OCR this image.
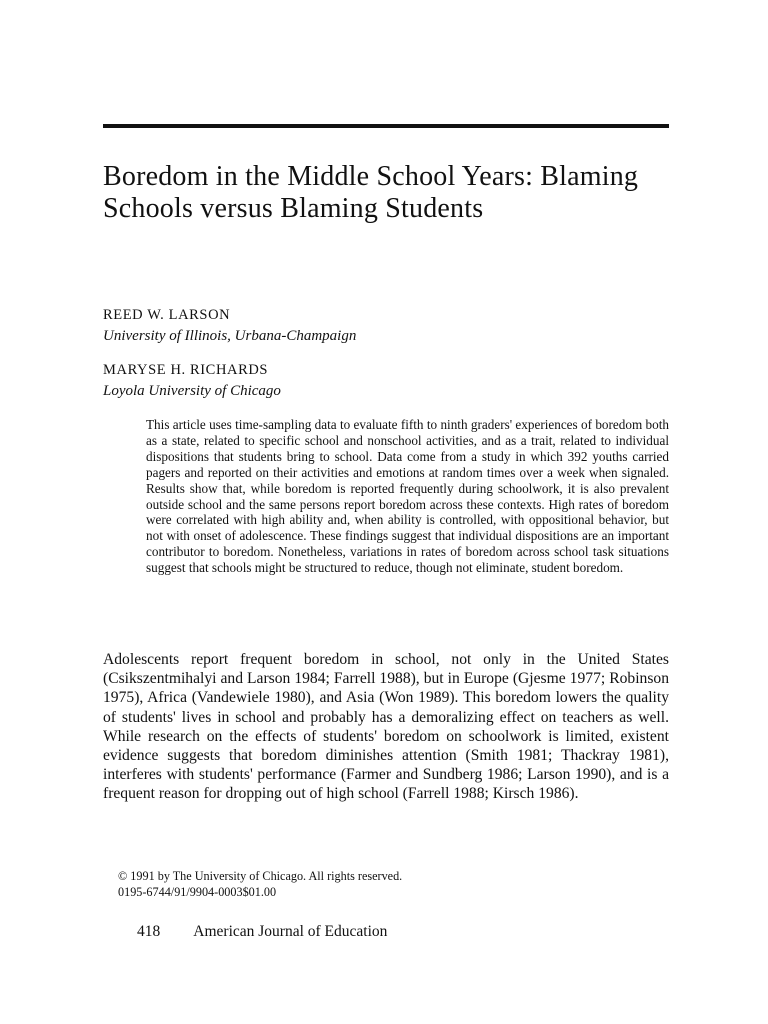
Boredom in the Middle School Years: Blaming Schools versus Blaming Students
REED W. LARSON
University of Illinois, Urbana-Champaign
MARYSE H. RICHARDS
Loyola University of Chicago

This article uses time-sampling data to evaluate fifth to ninth graders' experiences of boredom both as a state, related to specific school and nonschool activities, and as a trait, related to individual dispositions that students bring to school. Data come from a study in which 392 youths carried pagers and reported on their activities and emotions at random times over a week when signaled. Results show that, while boredom is reported frequently during schoolwork, it is also prevalent outside school and the same persons report boredom across these contexts. High rates of boredom were correlated with high ability and, when ability is controlled, with oppositional behavior, but not with onset of adolescence. These findings suggest that individual dispositions are an important contributor to boredom. Nonetheless, variations in rates of boredom across school task situations suggest that schools might be structured to reduce, though not eliminate, student boredom.

Adolescents report frequent boredom in school, not only in the United States (Csikszentmihalyi and Larson 1984; Farrell 1988), but in Europe (Gjesme 1977; Robinson 1975), Africa (Vandewiele 1980), and Asia (Won 1989). This boredom lowers the quality of students' lives in school and probably has a demoralizing effect on teachers as well. While research on the effects of students' boredom on schoolwork is limited, existent evidence suggests that boredom diminishes attention (Smith 1981; Thackray 1981), interferes with students' performance (Farmer and Sundberg 1986; Larson 1990), and is a frequent reason for dropping out of high school (Farrell 1988; Kirsch 1986).

© 1991 by The University of Chicago. All rights reserved.
0195-6744/91/9904-0003$01.00
418 American Journal of Education
